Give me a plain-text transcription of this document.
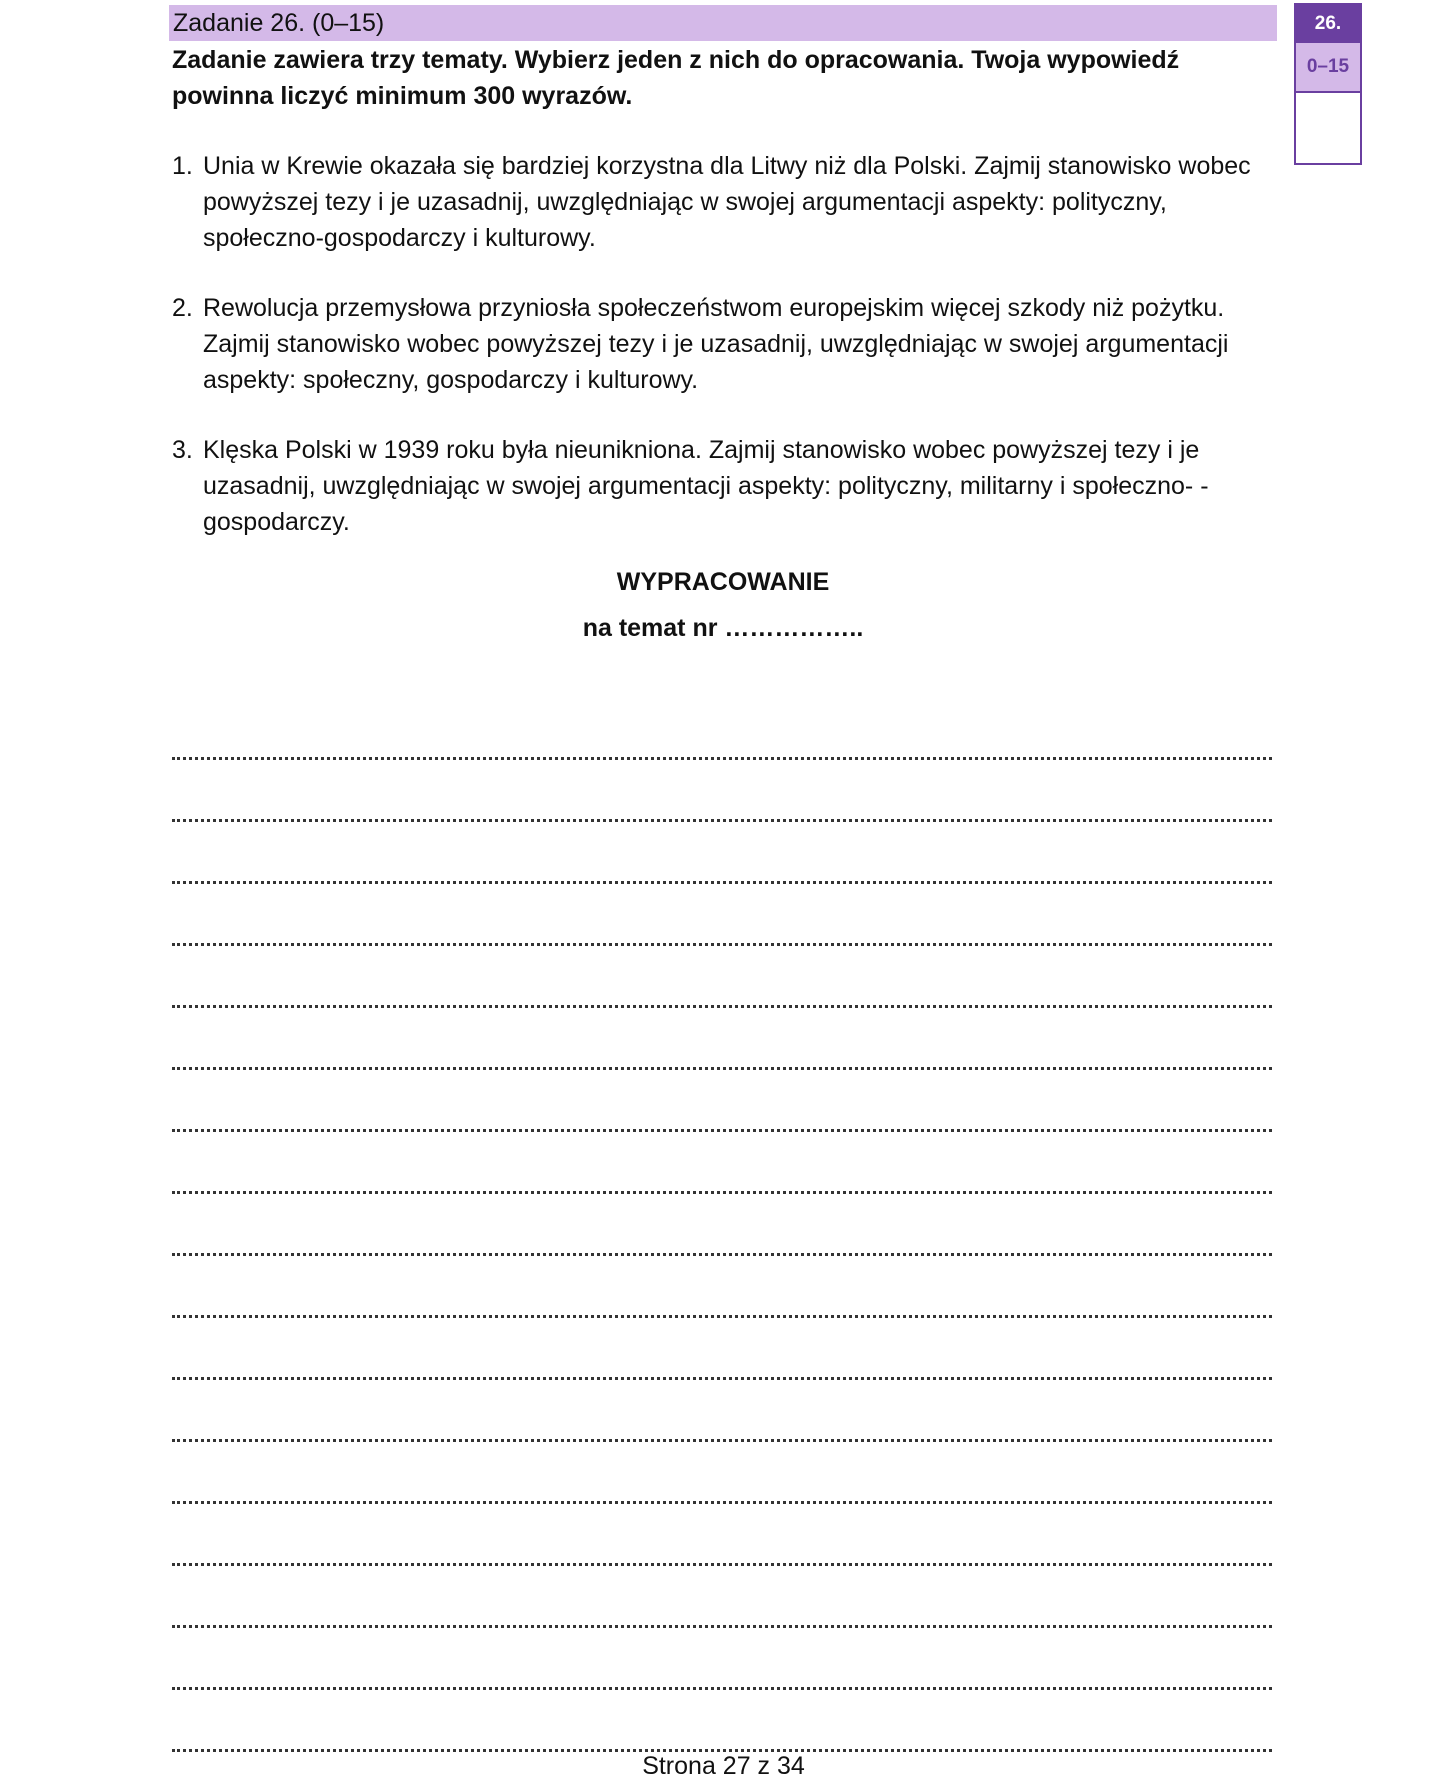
Zadanie 26. (0–15)	26.
0–15
Zadanie zawiera trzy tematy. Wybierz jeden z nich do opracowania. Twoja wypowiedź powinna liczyć minimum 300 wyrazów.
1. Unia w Krewie okazała się bardziej korzystna dla Litwy niż dla Polski. Zajmij stanowisko wobec powyższej tezy i je uzasadnij, uwzględniając w swojej argumentacji aspekty: polityczny, społeczno-gospodarczy i kulturowy.
2. Rewolucja przemysłowa przyniosła społeczeństwom europejskim więcej szkody niż pożytku. Zajmij stanowisko wobec powyższej tezy i je uzasadnij, uwzględniając w swojej argumentacji aspekty: społeczny, gospodarczy i kulturowy.
3. Klęska Polski w 1939 roku była nieunikniona. Zajmij stanowisko wobec powyższej tezy i je uzasadnij, uwzględniając w swojej argumentacji aspekty: polityczny, militarny i społeczno- -gospodarczy.
WYPRACOWANIE
na temat nr ……………..
Strona 27 z 34
